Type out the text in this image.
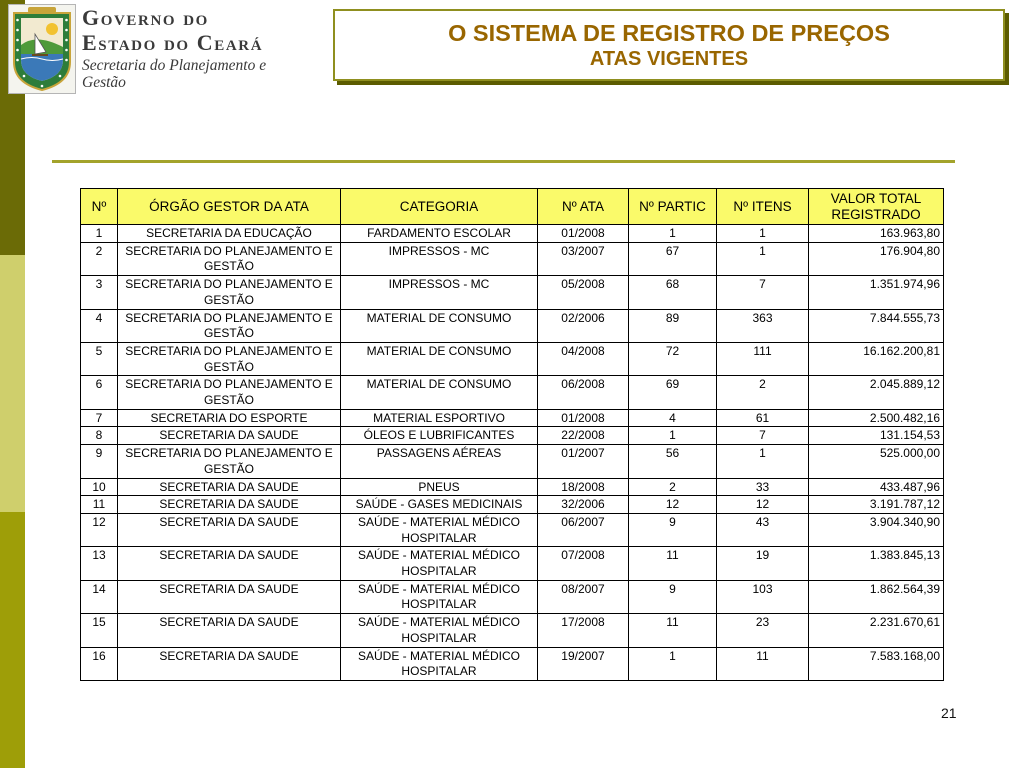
Governo do
Estado do Ceará
Secretaria do Planejamento e
Gestão
O SISTEMA DE REGISTRO DE PREÇOS
ATAS VIGENTES
Nº	ÓRGÃO GESTOR DA ATA	CATEGORIA	Nº ATA	Nº PARTIC	Nº ITENS	VALOR TOTAL REGISTRADO
1	SECRETARIA DA EDUCAÇÃO	FARDAMENTO ESCOLAR	01/2008	1	1	163.963,80
2	SECRETARIA DO PLANEJAMENTO E GESTÃO	IMPRESSOS - MC	03/2007	67	1	176.904,80
3	SECRETARIA DO PLANEJAMENTO E GESTÃO	IMPRESSOS - MC	05/2008	68	7	1.351.974,96
4	SECRETARIA DO PLANEJAMENTO E GESTÃO	MATERIAL DE CONSUMO	02/2006	89	363	7.844.555,73
5	SECRETARIA DO PLANEJAMENTO E GESTÃO	MATERIAL DE CONSUMO	04/2008	72	111	16.162.200,81
6	SECRETARIA DO PLANEJAMENTO E GESTÃO	MATERIAL DE CONSUMO	06/2008	69	2	2.045.889,12
7	SECRETARIA DO ESPORTE	MATERIAL ESPORTIVO	01/2008	4	61	2.500.482,16
8	SECRETARIA DA SAUDE	ÓLEOS E LUBRIFICANTES	22/2008	1	7	131.154,53
9	SECRETARIA DO PLANEJAMENTO E GESTÃO	PASSAGENS AÉREAS	01/2007	56	1	525.000,00
10	SECRETARIA DA SAUDE	PNEUS	18/2008	2	33	433.487,96
11	SECRETARIA DA SAUDE	SAÚDE - GASES MEDICINAIS	32/2006	12	12	3.191.787,12
12	SECRETARIA DA SAUDE	SAÚDE - MATERIAL MÉDICO HOSPITALAR	06/2007	9	43	3.904.340,90
13	SECRETARIA DA SAUDE	SAÚDE - MATERIAL MÉDICO HOSPITALAR	07/2008	11	19	1.383.845,13
14	SECRETARIA DA SAUDE	SAÚDE - MATERIAL MÉDICO HOSPITALAR	08/2007	9	103	1.862.564,39
15	SECRETARIA DA SAUDE	SAÚDE - MATERIAL MÉDICO HOSPITALAR	17/2008	11	23	2.231.670,61
16	SECRETARIA DA SAUDE	SAÚDE - MATERIAL MÉDICO HOSPITALAR	19/2007	1	11	7.583.168,00
21
